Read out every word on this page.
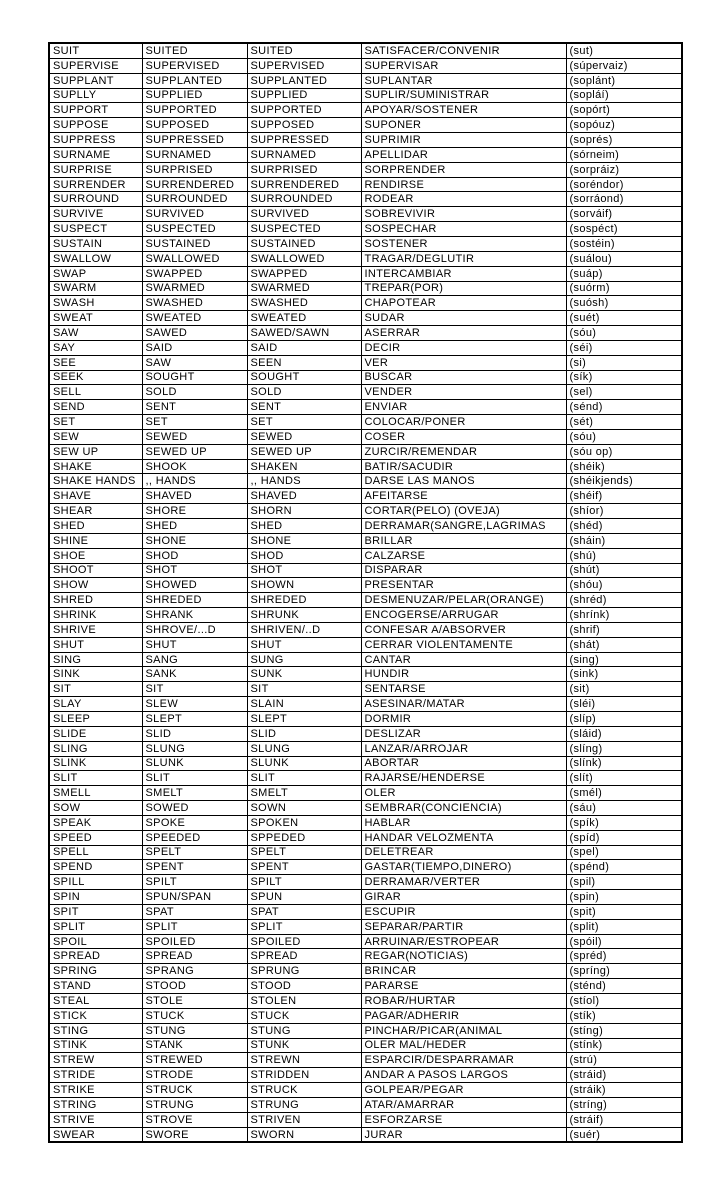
SUIT	SUITED	SUITED	SATISFACER/CONVENIR	(sut)
SUPERVISE	SUPERVISED	SUPERVISED	SUPERVISAR	(súpervaiz)
SUPPLANT	SUPPLANTED	SUPPLANTED	SUPLANTAR	(soplánt)
SUPLLY	SUPPLIED	SUPPLIED	SUPLIR/SUMINISTRAR	(sopláí)
SUPPORT	SUPPORTED	SUPPORTED	APOYAR/SOSTENER	(sopórt)
SUPPOSE	SUPPOSED	SUPPOSED	SUPONER	(sopóuz)
SUPPRESS	SUPPRESSED	SUPPRESSED	SUPRIMIR	(soprés)
SURNAME	SURNAMED	SURNAMED	APELLIDAR	(sórneim)
SURPRISE	SURPRISED	SURPRISED	SORPRENDER	(sorpráiz)
SURRENDER	SURRENDERED	SURRENDERED	RENDIRSE	(soréndor)
SURROUND	SURROUNDED	SURROUNDED	RODEAR	(sorráond)
SURVIVE	SURVIVED	SURVIVED	SOBREVIVIR	(sorváif)
SUSPECT	SUSPECTED	SUSPECTED	SOSPECHAR	(sospéct)
SUSTAIN	SUSTAINED	SUSTAINED	SOSTENER	(sostéin)
SWALLOW	SWALLOWED	SWALLOWED	TRAGAR/DEGLUTIR	(suálou)
SWAP	SWAPPED	SWAPPED	INTERCAMBIAR	(suáp)
SWARM	SWARMED	SWARMED	TREPAR(POR)	(suórm)
SWASH	SWASHED	SWASHED	CHAPOTEAR	(suósh)
SWEAT	SWEATED	SWEATED	SUDAR	(suét)
SAW	SAWED	SAWED/SAWN	ASERRAR	(sóu)
SAY	SAID	SAID	DECIR	(séi)
SEE	SAW	SEEN	VER	(si)
SEEK	SOUGHT	SOUGHT	BUSCAR	(sík)
SELL	SOLD	SOLD	VENDER	(sel)
SEND	SENT	SENT	ENVIAR	(sénd)
SET	SET	SET	COLOCAR/PONER	(sét)
SEW	SEWED	SEWED	COSER	(sóu)
SEW UP	SEWED UP	SEWED UP	ZURCIR/REMENDAR	(sóu op)
SHAKE	SHOOK	SHAKEN	BATIR/SACUDIR	(shéik)
SHAKE HANDS	,, HANDS	,, HANDS	DARSE LAS MANOS	(shéikjends)
SHAVE	SHAVED	SHAVED	AFEITARSE	(shéif)
SHEAR	SHORE	SHORN	CORTAR(PELO) (OVEJA)	(shíor)
SHED	SHED	SHED	DERRAMAR(SANGRE,LAGRIMAS	(shéd)
SHINE	SHONE	SHONE	BRILLAR	(sháin)
SHOE	SHOD	SHOD	CALZARSE	(shú)
SHOOT	SHOT	SHOT	DISPARAR	(shút)
SHOW	SHOWED	SHOWN	PRESENTAR	(shóu)
SHRED	SHREDED	SHREDED	DESMENUZAR/PELAR(ORANGE)	(shréd)
SHRINK	SHRANK	SHRUNK	ENCOGERSE/ARRUGAR	(shrínk)
SHRIVE	SHROVE/...D	SHRIVEN/..D	CONFESAR A/ABSORVER	(shrif)
SHUT	SHUT	SHUT	CERRAR VIOLENTAMENTE	(shát)
SING	SANG	SUNG	CANTAR	(sing)
SINK	SANK	SUNK	HUNDIR	(sink)
SIT	SIT	SIT	SENTARSE	(sit)
SLAY	SLEW	SLAIN	ASESINAR/MATAR	(sléi)
SLEEP	SLEPT	SLEPT	DORMIR	(slíp)
SLIDE	SLID	SLID	DESLIZAR	(sláid)
SLING	SLUNG	SLUNG	LANZAR/ARROJAR	(slíng)
SLINK	SLUNK	SLUNK	ABORTAR	(slínk)
SLIT	SLIT	SLIT	RAJARSE/HENDERSE	(slít)
SMELL	SMELT	SMELT	OLER	(smél)
SOW	SOWED	SOWN	SEMBRAR(CONCIENCIA)	(sáu)
SPEAK	SPOKE	SPOKEN	HABLAR	(spík)
SPEED	SPEEDED	SPPEDED	HANDAR VELOZMENTA	(spíd)
SPELL	SPELT	SPELT	DELETREAR	(spel)
SPEND	SPENT	SPENT	GASTAR(TIEMPO,DINERO)	(spénd)
SPILL	SPILT	SPILT	DERRAMAR/VERTER	(spil)
SPIN	SPUN/SPAN	SPUN	GIRAR	(spin)
SPIT	SPAT	SPAT	ESCUPIR	(spit)
SPLIT	SPLIT	SPLIT	SEPARAR/PARTIR	(split)
SPOIL	SPOILED	SPOILED	ARRUINAR/ESTROPEAR	(spóil)
SPREAD	SPREAD	SPREAD	REGAR(NOTICIAS)	(spréd)
SPRING	SPRANG	SPRUNG	BRINCAR	(spríng)
STAND	STOOD	STOOD	PARARSE	(sténd)
STEAL	STOLE	STOLEN	ROBAR/HURTAR	(stíol)
STICK	STUCK	STUCK	PAGAR/ADHERIR	(stík)
STING	STUNG	STUNG	PINCHAR/PICAR(ANIMAL	(stíng)
STINK	STANK	STUNK	OLER MAL/HEDER	(stínk)
STREW	STREWED	STREWN	ESPARCIR/DESPARRAMAR	(strú)
STRIDE	STRODE	STRIDDEN	ANDAR A PASOS LARGOS	(stráid)
STRIKE	STRUCK	STRUCK	GOLPEAR/PEGAR	(stráik)
STRING	STRUNG	STRUNG	ATAR/AMARRAR	(stríng)
STRIVE	STROVE	STRIVEN	ESFORZARSE	(stráif)
SWEAR	SWORE	SWORN	JURAR	(suér)
